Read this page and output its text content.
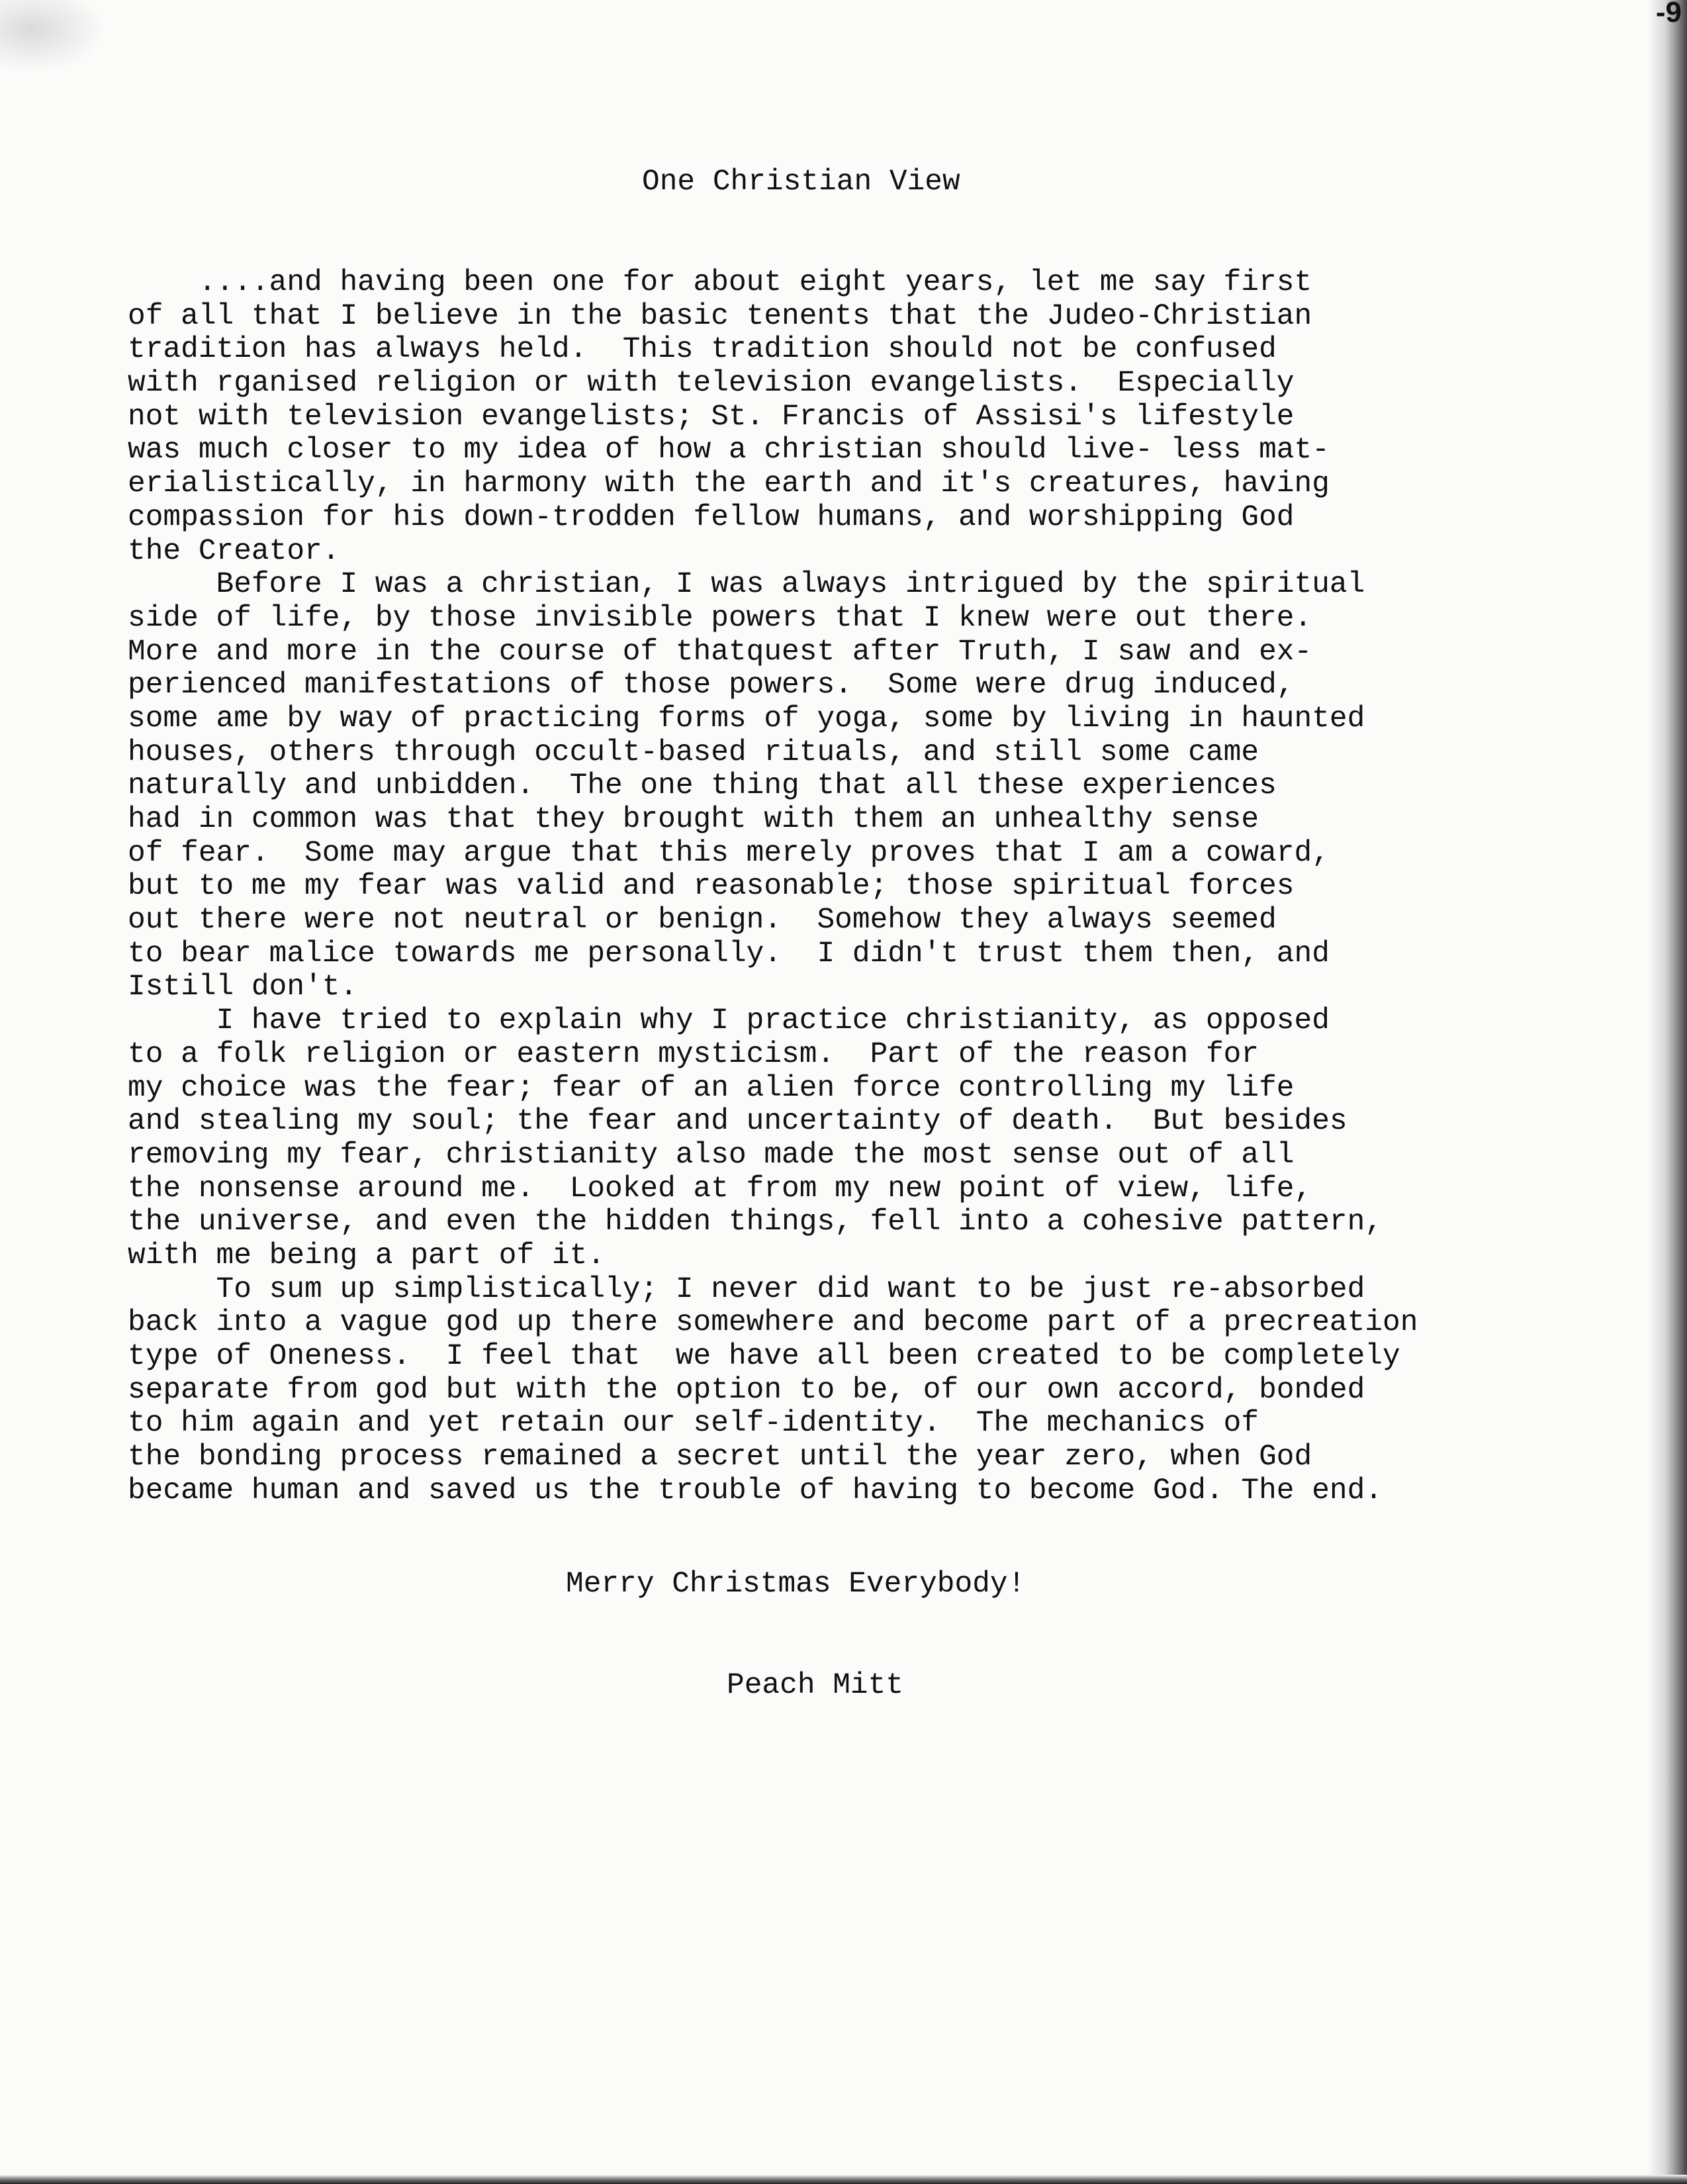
-9
One Christian View
....and having been one for about eight years, let me say first
of all that I believe in the basic tenents that the Judeo-Christian
tradition has always held.  This tradition should not be confused
with rganised religion or with television evangelists.  Especially
not with television evangelists; St. Francis of Assisi's lifestyle
was much closer to my idea of how a christian should live- less mat-
erialistically, in harmony with the earth and it's creatures, having
compassion for his down-trodden fellow humans, and worshipping God
the Creator.
Before I was a christian, I was always intrigued by the spiritual
side of life, by those invisible powers that I knew were out there.
More and more in the course of thatquest after Truth, I saw and ex-
perienced manifestations of those powers.  Some were drug induced,
some ame by way of practicing forms of yoga, some by living in haunted
houses, others through occult-based rituals, and still some came
naturally and unbidden.  The one thing that all these experiences
had in common was that they brought with them an unhealthy sense
of fear.  Some may argue that this merely proves that I am a coward,
but to me my fear was valid and reasonable; those spiritual forces
out there were not neutral or benign.  Somehow they always seemed
to bear malice towards me personally.  I didn't trust them then, and
Istill don't.
I have tried to explain why I practice christianity, as opposed
to a folk religion or eastern mysticism.  Part of the reason for
my choice was the fear; fear of an alien force controlling my life
and stealing my soul; the fear and uncertainty of death.  But besides
removing my fear, christianity also made the most sense out of all
the nonsense around me.  Looked at from my new point of view, life,
the universe, and even the hidden things, fell into a cohesive pattern,
with me being a part of it.
To sum up simplistically; I never did want to be just re-absorbed
back into a vague god up there somewhere and become part of a precreation
type of Oneness.  I feel that  we have all been created to be completely
separate from god but with the option to be, of our own accord, bonded
to him again and yet retain our self-identity.  The mechanics of
the bonding process remained a secret until the year zero, when God
became human and saved us the trouble of having to become God. The end.
Merry Christmas Everybody!
Peach Mitt
